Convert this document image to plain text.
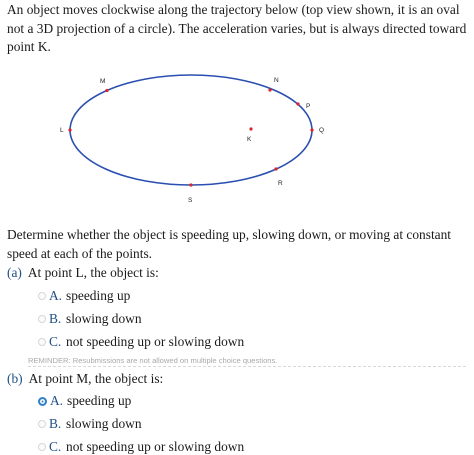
An object moves clockwise along the trajectory below (top view shown, it is an oval not a 3D projection of a circle). The acceleration varies, but is always directed toward point K.

M	N
P
Q
L
K
R
S

Determine whether the object is speeding up, slowing down, or moving at constant speed at each of the points.

(a) At point L, the object is:
A. speeding up
B. slowing down
C. not speeding up or slowing down
REMINDER: Resubmissions are not allowed on multiple choice questions.
(b) At point M, the object is:
A. speeding up
B. slowing down
C. not speeding up or slowing down
